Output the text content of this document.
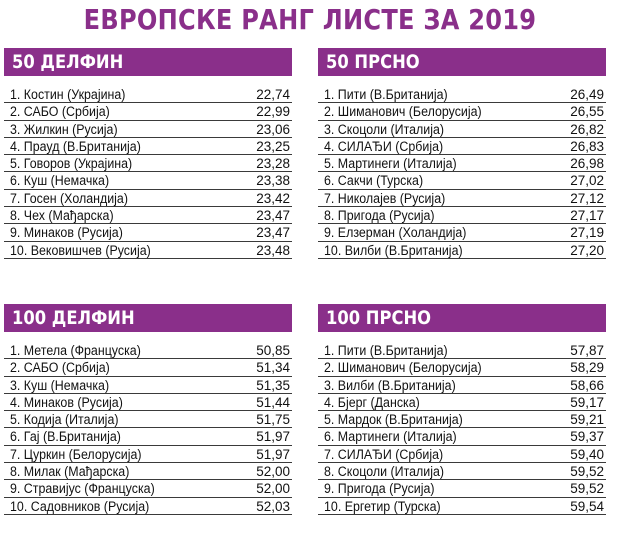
ЕВРОПСКЕ РАНГ ЛИСТЕ ЗА 2019
50 ДЕЛФИН
1. Костин (Украјина)	22,74
2. САБО (Србија)	22,99
3. Жилкин (Русија)	23,06
4. Прауд (В.Британија)	23,25
5. Говоров (Украјина)	23,28
6. Куш (Немачка)	23,38
7. Госен (Холандија)	23,42
8. Чех (Мађарска)	23,47
9. Минаков (Русија)	23,47
10. Вековишчев (Русија)	23,48
50 ПРСНО
1. Пити (В.Британија)	26,49
2. Шиманович (Белорусија)	26,55
3. Скоцоли (Италија)	26,82
4. СИЛАЂИ (Србија)	26,83
5. Мартинеги (Италија)	26,98
6. Сакчи (Турска)	27,02
7. Николајев (Русија)	27,12
8. Пригода (Русија)	27,17
9. Елзерман (Холандија)	27,19
10. Вилби (В.Британија)	27,20
100 ДЕЛФИН
1. Метела (Француска)	50,85
2. САБО (Србија)	51,34
3. Куш (Немачка)	51,35
4. Минаков (Русија)	51,44
5. Кодија (Италија)	51,75
6. Гај (В.Британија)	51,97
7. Цуркин (Белорусија)	51,97
8. Милак (Мађарска)	52,00
9. Стравијус (Француска)	52,00
10. Садовников (Русија)	52,03
100 ПРСНО
1. Пити (В.Британија)	57,87
2. Шиманович (Белорусија)	58,29
3. Вилби (В.Британија)	58,66
4. Бјерг (Данска)	59,17
5. Мардок (В.Британија)	59,21
6. Мартинеги (Италија)	59,37
7. СИЛАЂИ (Србија)	59,40
8. Скоцоли (Италија)	59,52
9. Пригода (Русија)	59,52
10. Ергетир (Турска)	59,54
